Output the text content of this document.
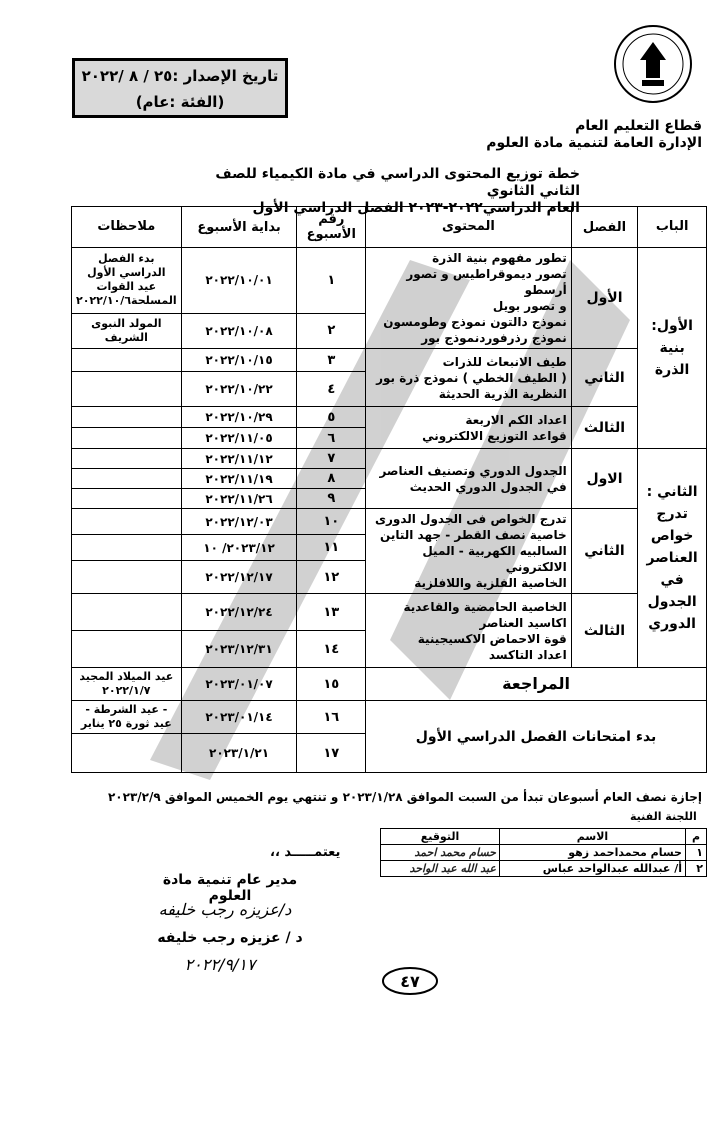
تاريخ الإصدار :٢٥ / ٨ /٢٠٢٢
(الفئة :عام)
قطاع التعليم العام
الإدارة العامة لتنمية مادة العلوم
خطة توزيع المحتوى الدراسي في مادة الكيمياء للصف الثاني الثانوي
العام الدراسي٢٠٢٢-٢٠٢٣ الفصل الدراسي الأول
الباب	الفصل	المحتوى	رقم الأسبوع	بداية الأسبوع	ملاحظات
الأول: بنية الذرة	الأول	تطور مفهوم بنية الذرة
تصور ديموقراطيس و تصور أرسطو
و تصور بويل
نموذج دالتون نموذج وطومسون
نموذج رذرفوردنموذج بور	١	٢٠٢٢/١٠/٠١	بدء الفصل الدراسي الأول عيد القوات المسلحة٢٠٢٢/١٠/٦
			٢	٢٠٢٢/١٠/٠٨	المولد النبوى الشريف
	الثاني	طيف الانبعاث للذرات
( الطيف الخطي ) نموذج ذرة بور
النظرية الذرية الحديثة	٣	٢٠٢٢/١٠/١٥	
			٤	٢٠٢٢/١٠/٢٢	
	الثالث	اعداد الكم الاربعة
قواعد التوزيع الالكتروني	٥	٢٠٢٢/١٠/٢٩	
			٦	٢٠٢٢/١١/٠٥	
الثاني : تدرج خواص العناصر في الجدول الدوري	الاول	الجدول الدوري وتصنيف العناصر
في الجدول الدوري الحديث	٧	٢٠٢٢/١١/١٢	
			٨	٢٠٢٢/١١/١٩	
			٩	٢٠٢٢/١١/٢٦	
	الثاني	تدرج الخواص فى الجدول الدورى
خاصية نصف القطر - جهد التاين
السالبيه الكهربية - الميل الالكتروني
الخاصية الفلزية واللافلزية	١٠	٢٠٢٢/١٢/٠٣	
			١١	٢٠٢٣/١٢/ ١٠	
			١٢	٢٠٢٢/١٢/١٧	
	الثالث	الخاصية الحامضية والقاعدية
اكاسيد العناصر
قوة الاحماض الاكسيجينية
اعداد التاكسد	١٣	٢٠٢٢/١٢/٢٤	
			١٤	٢٠٢٣/١٢/٣١	
المراجعة			١٥	٢٠٢٣/٠١/٠٧	عيد الميلاد المجيد ٢٠٢٢/١/٧
بدء امتحانات الفصل الدراسي الأول			١٦	٢٠٢٣/٠١/١٤	- عيد الشرطة - عيد ثورة ٢٥ يناير
			١٧	٢٠٢٣/١/٢١	
إجازة نصف العام أسبوعان تبدأ من السبت الموافق ٢٠٢٣/١/٢٨ و تنتهي يوم الخميس الموافق ٢٠٢٣/٢/٩
اللجنة الفنية
م	الاسم	التوقيع
١	حسام محمداحمد زهو	حسام محمد احمد
٢	أ/ عبدالله عبدالواحد عباس	عبد الله عبد الواحد
يعتمـــــد ،،
مدير عام تنمية مادة العلوم
د/عزيزه رجب خليفه
د / عزيزه رجب خليفه
٢٠٢٢/٩/١٧
٤٧
